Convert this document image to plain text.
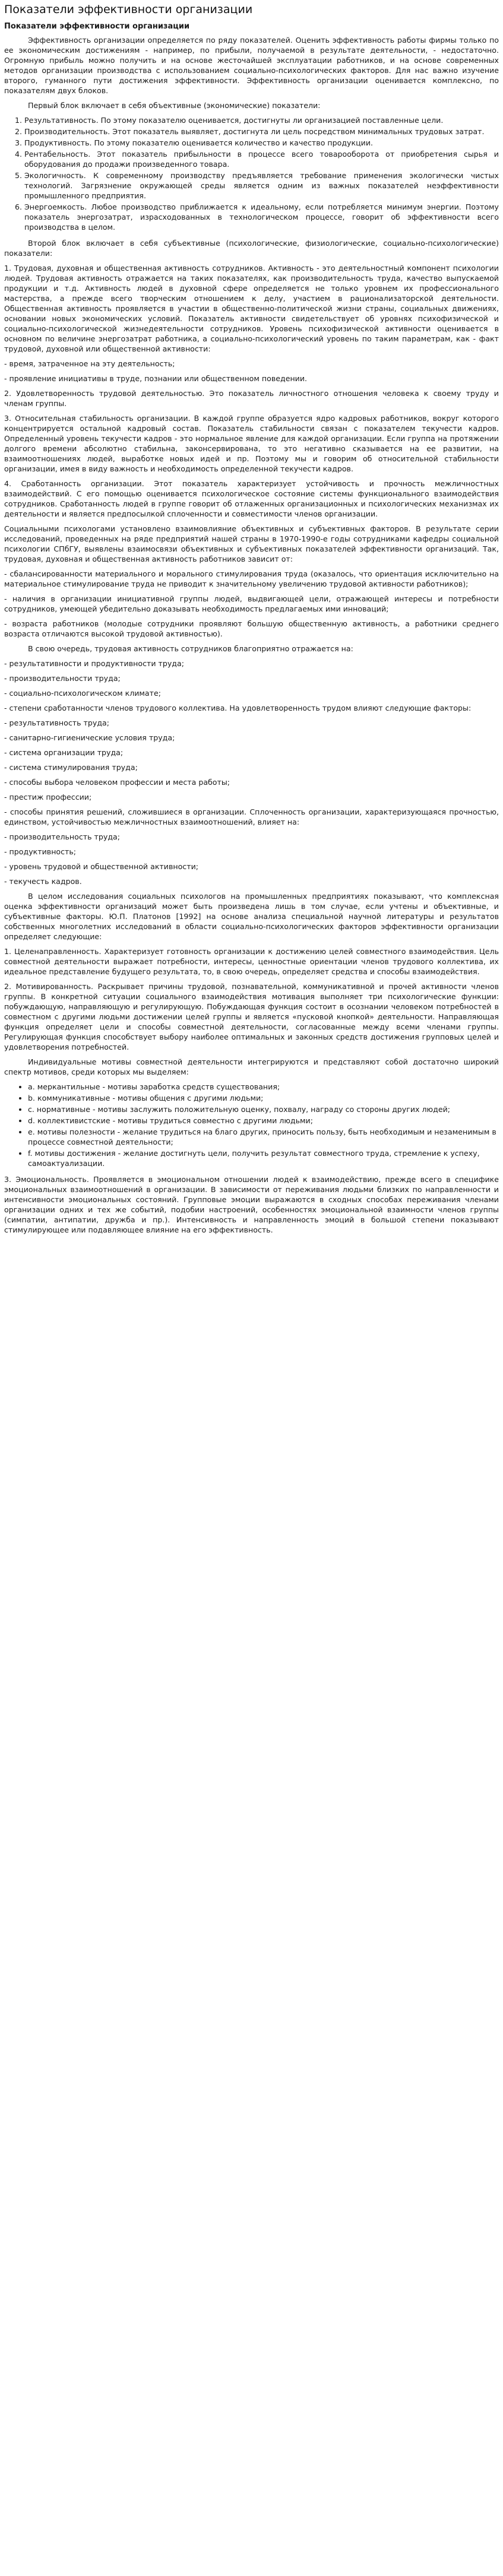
Показатели эффективности организации
Показатели эффективности организации

Эффективность организации определяется по ряду показателей. Оценить эффективность работы фирмы только по ее экономическим достижениям - например, по прибыли, получаемой в результате деятельности, - недостаточно. Огромную прибыль можно получить и на основе жесточайшей эксплуатации работников, и на основе современных методов организации производства с использованием социально-психологических факторов. Для нас важно изучение второго, гуманного пути достижения эффективности. Эффективность организации оценивается комплексно, по показателям двух блоков.

Первый блок включает в себя объективные (экономические) показатели:

1. Результативность. По этому показателю оценивается, достигнуты ли организацией поставленные цели.
2. Производительность. Этот показатель выявляет, достигнута ли цель посредством минимальных трудовых затрат.
3. Продуктивность. По этому показателю оценивается количество и качество продукции.
4. Рентабельность. Этот показатель прибыльности в процессе всего товарооборота от приобретения сырья и оборудования до продажи произведенного товара.
5. Экологичность. К современному производству предъявляется требование применения экологически чистых технологий. Загрязнение окружающей среды является одним из важных показателей неэффективности промышленного предприятия.
6. Энергоемкость. Любое производство приближается к идеальному, если потребляется минимум энергии. Поэтому показатель энергозатрат, израсходованных в технологическом процессе, говорит об эффективности всего производства в целом.

Второй блок включает в себя субъективные (психологические, физиологические, социально-психологические) показатели:

1. Трудовая, духовная и общественная активность сотрудников. Активность - это деятельностный компонент психологии людей. Трудовая активность отражается на таких показателях, как производительность труда, качество выпускаемой продукции и т.д. Активность людей в духовной сфере определяется не только уровнем их профессионального мастерства, а прежде всего творческим отношением к делу, участием в рационализаторской деятельности. Общественная активность проявляется в участии в общественно-политической жизни страны, социальных движениях, основании новых экономических условий. Показатель активности свидетельствует об уровнях психофизической и социально-психологической жизнедеятельности сотрудников. Уровень психофизической активности оценивается в основном по величине энергозатрат работника, а социально-психологический уровень по таким параметрам, как - факт трудовой, духовной или общественной активности:

- время, затраченное на эту деятельность;

- проявление инициативы в труде, познании или общественном поведении.

2. Удовлетворенность трудовой деятельностью. Это показатель личностного отношения человека к своему труду и членам группы.

3. Относительная стабильность организации. В каждой группе образуется ядро кадровых работников, вокруг которого концентрируется остальной кадровый состав. Показатель стабильности связан с показателем текучести кадров. Определенный уровень текучести кадров - это нормальное явление для каждой организации. Если группа на протяжении долгого времени абсолютно стабильна, законсервирована, то это негативно сказывается на ее развитии, на взаимоотношениях людей, выработке новых идей и пр. Поэтому мы и говорим об относительной стабильности организации, имея в виду важность и необходимость определенной текучести кадров.

4. Сработанность организации. Этот показатель характеризует устойчивость и прочность межличностных взаимодействий. С его помощью оценивается психологическое состояние системы функционального взаимодействия сотрудников. Сработанность людей в группе говорит об отлаженных организационных и психологических механизмах их деятельности и является предпосылкой сплоченности и совместимости членов организации.

Социальными психологами установлено взаимовлияние объективных и субъективных факторов. В результате серии исследований, проведенных на ряде предприятий нашей страны в 1970-1990-е годы сотрудниками кафедры социальной психологии СПбГУ, выявлены взаимосвязи объективных и субъективных показателей эффективности организаций. Так, трудовая, духовная и общественная активность работников зависит от:

- сбалансированности материального и морального стимулирования труда (оказалось, что ориентация исключительно на материальное стимулирование труда не приводит к значительному увеличению трудовой активности работников);

- наличия в организации инициативной группы людей, выдвигающей цели, отражающей интересы и потребности сотрудников, умеющей убедительно доказывать необходимость предлагаемых ими инноваций;

- возраста работников (молодые сотрудники проявляют большую общественную активность, а работники среднего возраста отличаются высокой трудовой активностью).

В свою очередь, трудовая активность сотрудников благоприятно отражается на:

- результативности и продуктивности труда;

- производительности труда;

- социально-психологическом климате;

- степени сработанности членов трудового коллектива. На удовлетворенность трудом влияют следующие факторы:

- результативность труда;

- санитарно-гигиенические условия труда;

- система организации труда;

- система стимулирования труда;

- способы выбора человеком профессии и места работы;

- престиж профессии;

- способы принятия решений, сложившиеся в организации. Сплоченность организации, характеризующаяся прочностью, единством, устойчивостью межличностных взаимоотношений, влияет на:

- производительность труда;

- продуктивность;

- уровень трудовой и общественной активности;

- текучесть кадров.

В целом исследования социальных психологов на промышленных предприятиях показывают, что комплексная оценка эффективности организаций может быть произведена лишь в том случае, если учтены и объективные, и субъективные факторы. Ю.П. Платонов [1992] на основе анализа специальной научной литературы и результатов собственных многолетних исследований в области социально-психологических факторов эффективности организации определяет следующие:

1. Целенаправленность. Характеризует готовность организации к достижению целей совместного взаимодействия. Цель совместной деятельности выражает потребности, интересы, ценностные ориентации членов трудового коллектива, их идеальное представление будущего результата, то, в свою очередь, определяет средства и способы взаимодействия.

2. Мотивированность. Раскрывает причины трудовой, познавательной, коммуникативной и прочей активности членов группы. В конкретной ситуации социального взаимодействия мотивация выполняет три психологические функции: побуждающую, направляющую и регулирующую. Побуждающая функция состоит в осознании человеком потребностей в совместном с другими людьми достижении целей группы и является «пусковой кнопкой» деятельности. Направляющая функция определяет цели и способы совместной деятельности, согласованные между всеми членами группы. Регулирующая функция способствует выбору наиболее оптимальных и законных средств достижения групповых целей и удовлетворения потребностей.

Индивидуальные мотивы совместной деятельности интегрируются и представляют собой достаточно широкий спектр мотивов, среди которых мы выделяем:

• а. меркантильные - мотивы заработка средств существования;
• b. коммуникативные - мотивы общения с другими людьми;
• c. нормативные - мотивы заслужить положительную оценку, похвалу, награду со стороны других людей;
• d. коллективистские - мотивы трудиться совместно с другими людьми;
• e. мотивы полезности - желание трудиться на благо других, приносить пользу, быть необходимым и незаменимым в процессе совместной деятельности;
• f. мотивы достижения - желание достигнуть цели, получить результат совместного труда, стремление к успеху, самоактуализации.

3. Эмоциональность. Проявляется в эмоциональном отношении людей к взаимодействию, прежде всего в специфике эмоциональных взаимоотношений в организации. В зависимости от переживания людьми близких по направленности и интенсивности эмоциональных состояний. Групповые эмоции выражаются в сходных способах переживания членами организации одних и тех же событий, подобии настроений, особенностях эмоциональной взаимности членов группы (симпатии, антипатии, дружба и пр.). Интенсивность и направленность эмоций в большой степени показывают стимулирующее или подавляющее влияние на его эффективность.
